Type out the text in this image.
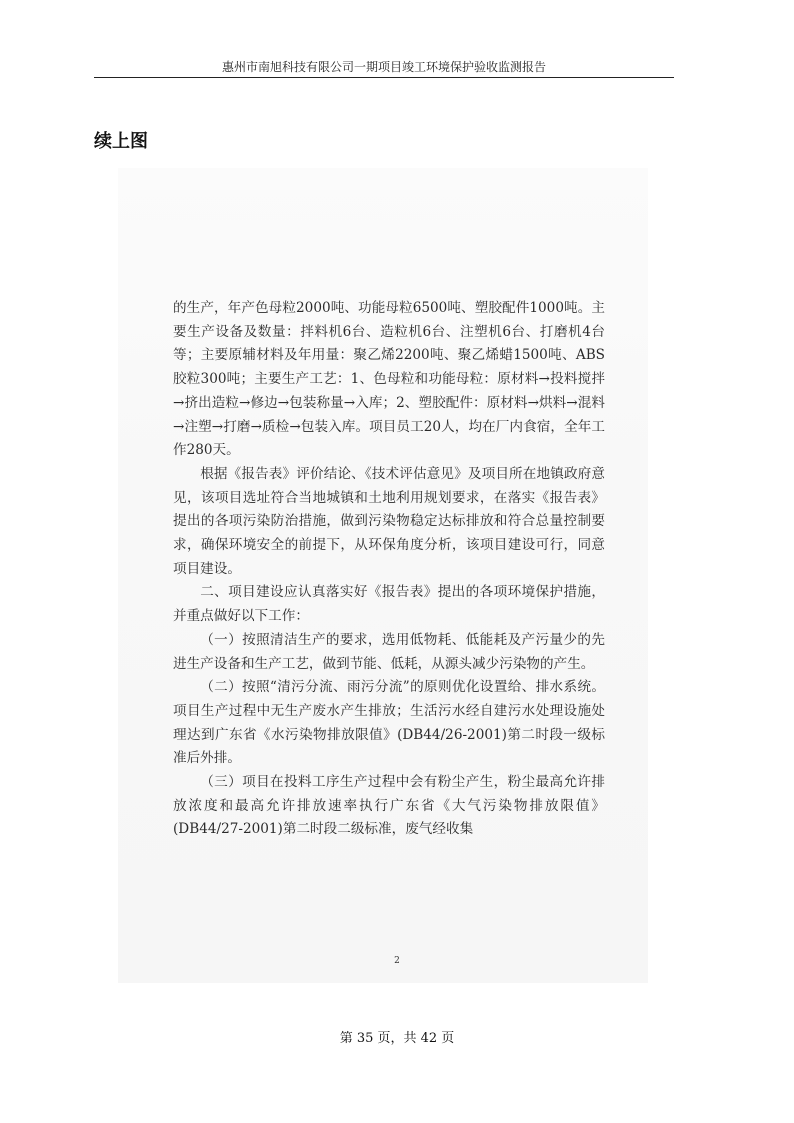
惠州市南旭科技有限公司一期项目竣工环境保护验收监测报告
续上图

的生产，年产色母粒2000吨、功能母粒6500吨、塑胶配件1000吨。主要生产设备及数量：拌料机6台、造粒机6台、注塑机6台、打磨机4台等；主要原辅材料及年用量：聚乙烯2200吨、聚乙烯蜡1500吨、ABS胶粒300吨；主要生产工艺：1、色母粒和功能母粒：原材料→投料搅拌→挤出造粒→修边→包装称量→入库；2、塑胶配件：原材料→烘料→混料→注塑→打磨→质检→包装入库。项目员工20人，均在厂内食宿，全年工作280天。

根据《报告表》评价结论、《技术评估意见》及项目所在地镇政府意见，该项目选址符合当地城镇和土地利用规划要求，在落实《报告表》提出的各项污染防治措施，做到污染物稳定达标排放和符合总量控制要求，确保环境安全的前提下，从环保角度分析，该项目建设可行，同意项目建设。

二、项目建设应认真落实好《报告表》提出的各项环境保护措施，并重点做好以下工作：

（一）按照清洁生产的要求，选用低物耗、低能耗及产污量少的先进生产设备和生产工艺，做到节能、低耗，从源头减少污染物的产生。

（二）按照“清污分流、雨污分流”的原则优化设置给、排水系统。项目生产过程中无生产废水产生排放；生活污水经自建污水处理设施处理达到广东省《水污染物排放限值》(DB44/26-2001)第二时段一级标准后外排。

（三）项目在投料工序生产过程中会有粉尘产生，粉尘最高允许排放浓度和最高允许排放速率执行广东省《大气污染物排放限值》(DB44/27-2001)第二时段二级标准，废气经收集

2
第 35 页，共 42 页
